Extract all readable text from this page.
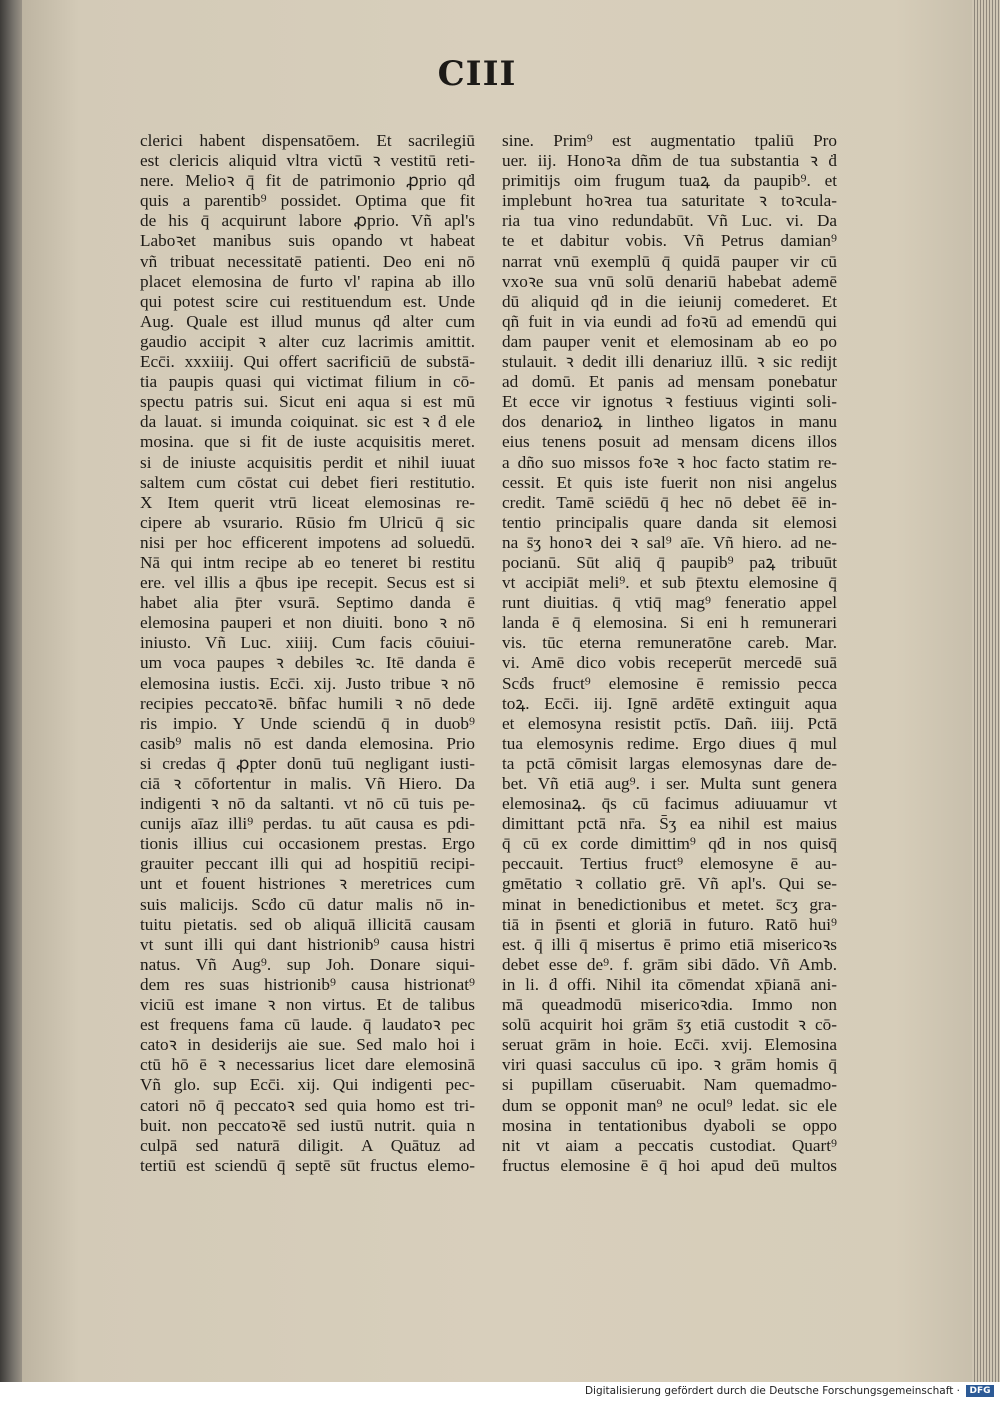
CIII
clerici habent dispensatōem. Et sacrilegiū
est clericis aliquid vltra victū ꝛ vestitū reti-
nere. Melioꝛ q̄ fit de patrimonio ꝓprio qḋ
quis a parentib⁹ possidet. Optima que fit
de his q̄ acquirunt labore ꝓprio. Vñ apl's
Laboꝛet manibus suis opando vt habeat
vñ tribuat necessitatē patienti. Deo eni nō
placet elemosina de furto vl' rapina ab illo
qui potest scire cui restituendum est. Unde
Aug. Quale est illud munus qḋ alter cum
gaudio accipit ꝛ alter cuz lacrimis amittit.
Ecc̄i. xxxiiij. Qui offert sacrificiū de substā-
tia paupis quasi qui victimat filium in cō-
spectu patris sui. Sicut eni aqua si est mū
da lauat. si imunda coiquinat. sic est ꝛ ḋ ele
mosina. que si fit de iuste acquisitis meret.
si de iniuste acquisitis perdit et nihil iuuat
saltem cum cōstat cui debet fieri restitutio.
X Item querit vtrū liceat elemosinas re-
cipere ab vsurario. Rūsio fm Ulricū q̄ sic
nisi per hoc efficerent impotens ad soluedū.
Nā qui intm recipe ab eo teneret bi restitu
ere. vel illis a q̄bus ipe recepit. Secus est si
habet alia p̄ter vsurā. Septimo danda ē
elemosina pauperi et non diuiti. bono ꝛ nō
iniusto. Vñ Luc. xiiij. Cum facis cōuiui-
um voca paupes ꝛ debiles ꝛc. Itē danda ē
elemosina iustis. Ecc̄i. xij. Justo tribue ꝛ nō
recipies peccatoꝛē. bñfac humili ꝛ nō dede
ris impio. Y Unde sciendū q̄ in duob⁹
casib⁹ malis nō est danda elemosina. Prio
si credas q̄ ꝓpter donū tuū negligant iusti-
ciā ꝛ cōfortentur in malis. Vñ Hiero. Da
indigenti ꝛ nō da saltanti. vt nō cū tuis pe-
cunijs aīaz illi⁹ perdas. tu aūt causa es pdi-
tionis illius cui occasionem prestas. Ergo
grauiter peccant illi qui ad hospitiū recipi-
unt et fouent histriones ꝛ meretrices cum
suis malicijs. Scḋo cū datur malis nō in-
tuitu pietatis. sed ob aliquā illicitā causam
vt sunt illi qui dant histrionib⁹ causa histri
natus. Vñ Aug⁹. sup Joh. Donare siqui-
dem res suas histrionib⁹ causa histrionat⁹
viciū est imane ꝛ non virtus. Et de talibus
est frequens fama cū laude. q̄ laudatoꝛ pec
catoꝛ in desiderijs aie sue. Sed malo hoi i
ctū hō ē ꝛ necessarius licet dare elemosinā
Vñ glo. sup Ecc̄i. xij. Qui indigenti pec-
catori nō q̄ peccatoꝛ sed quia homo est tri-
buit. non peccatoꝛē sed iustū nutrit. quia n
culpā sed naturā diligit. A Quātuz ad
tertiū est sciendū q̄ septē sūt fructus elemo-
sine. Prim⁹ est augmentatio tpaliū Pro
uer. iij. Honoꝛa dñm de tua substantia ꝛ ḋ
primitijs oim frugum tuaꝝ da paupib⁹. et
implebunt hoꝛrea tua saturitate ꝛ toꝛcula-
ria tua vino redundabūt. Vñ Luc. vi. Da
te et dabitur vobis. Vñ Petrus damian⁹
narrat vnū exemplū q̄ quidā pauper vir cū
vxoꝛe sua vnū solū denariū habebat ademē
dū aliquid qḋ in die ieiunij comederet. Et
qñ fuit in via eundi ad foꝛū ad emendū qui
dam pauper venit et elemosinam ab eo po
stulauit. ꝛ dedit illi denariuz illū. ꝛ sic redijt
ad domū. Et panis ad mensam ponebatur
Et ecce vir ignotus ꝛ festiuus viginti soli-
dos denarioꝝ in lintheo ligatos in manu
eius tenens posuit ad mensam dicens illos
a dño suo missos foꝛe ꝛ hoc facto statim re-
cessit. Et quis iste fuerit non nisi angelus
credit. Tamē sciēdū q̄ hec nō debet ēē in-
tentio principalis quare danda sit elemosi
na s̄ʒ honoꝛ dei ꝛ sal⁹ aīe. Vñ hiero. ad ne-
pocianū. Sūt aliq̄ q̄ paupib⁹ paꝝ tribuūt
vt accipiāt meli⁹. et sub p̄textu elemosine q̄
runt diuitias. q̄ vtiq̄ mag⁹ feneratio appel
landa ē q̄ elemosina. Si eni h remunerari
vis. tūc eterna remuneratōne careb. Mar.
vi. Amē dico vobis receperūt mercedē suā
Scḋs fruct⁹ elemosine ē remissio pecca
toꝝ. Ecc̄i. iij. Ignē ardētē extinguit aqua
et elemosyna resistit pctīs. Dañ. iiij. Pctā
tua elemosynis redime. Ergo diues q̄ mul
ta pctā cōmisit largas elemosynas dare de-
bet. Vñ etiā aug⁹. i ser. Multa sunt genera
elemosinaꝝ. q̄s cū facimus adiuuamur vt
dimittant pctā nr̄a. S̄ʒ ea nihil est maius
q̄ cū ex corde dimittim⁹ qḋ in nos quisq̄
peccauit. Tertius fruct⁹ elemosyne ē au-
gmētatio ꝛ collatio grē. Vñ apl's. Qui se-
minat in benedictionibus et metet. s̄cʒ gra-
tiā in p̄senti et gloriā in futuro. Ratō hui⁹
est. q̄ illi q̄ misertus ē primo etiā misericoꝛs
debet esse de⁹. f. grām sibi dādo. Vñ Amb.
in li. ḋ offi. Nihil ita cōmendat xp̄ianā ani-
mā queadmodū misericoꝛdia. Immo non
solū acquirit hoi grām s̄ʒ etiā custodit ꝛ cō-
seruat grām in hoie. Ecc̄i. xvij. Elemosina
viri quasi sacculus cū ipo. ꝛ grām homis q̄
si pupillam cūseruabit. Nam quemadmo-
dum se opponit man⁹ ne ocul⁹ ledat. sic ele
mosina in tentationibus dyaboli se oppo
nit vt aiam a peccatis custodiat. Quart⁹
fructus elemosine ē q̄ hoi apud deū multos
Digitalisierung gefördert durch die Deutsche Forschungsgemeinschaft ·	DFG
